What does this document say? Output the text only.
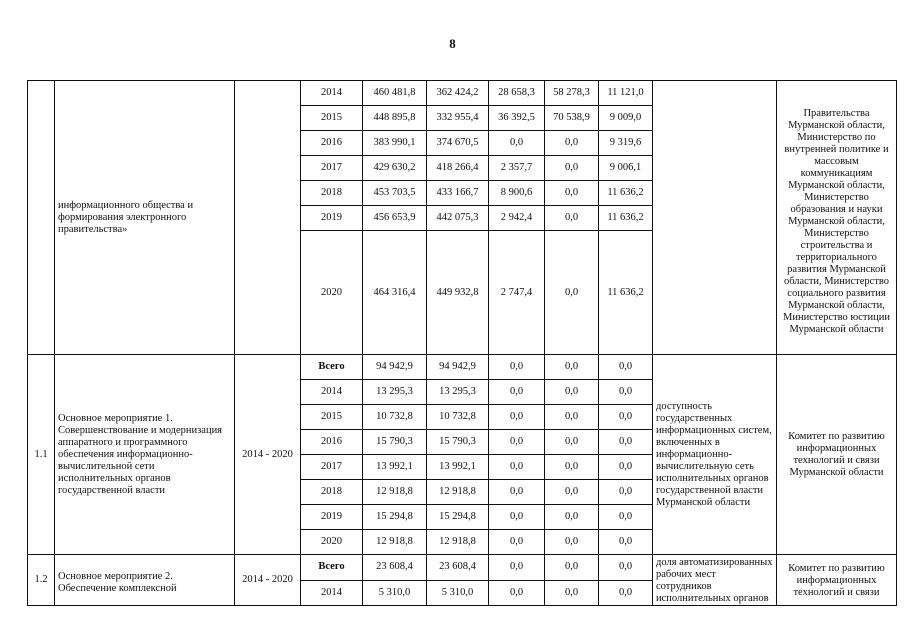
8
	информационного общества и формирования электронного правительства»		2014	460 481,8	362 424,2	28 658,3	58 278,3	11 121,0		Правительства Мурманской области, Министерство по внутренней политике и массовым коммуникациям Мурманской области, Министерство образования и науки Мурманской области, Министерство строительства и территориального развития Мурманской области, Министерство социального развития Мурманской области, Министерство юстиции Мурманской области
			2015	448 895,8	332 955,4	36 392,5	70 538,9	9 009,0		
			2016	383 990,1	374 670,5	0,0	0,0	9 319,6		
			2017	429 630,2	418 266,4	2 357,7	0,0	9 006,1		
			2018	453 703,5	433 166,7	8 900,6	0,0	11 636,2		
			2019	456 653,9	442 075,3	2 942,4	0,0	11 636,2		
			2020	464 316,4	449 932,8	2 747,4	0,0	11 636,2		
1.1	Основное мероприятие 1. Совершенствование и модернизация аппаратного и программного обеспечения информационно-вычислительной сети исполнительных органов государственной власти	2014 - 2020	Всего	94 942,9	94 942,9	0,0	0,0	0,0	доступность государственных информационных систем, включенных в информационно-вычислительную сеть исполнительных органов государственной власти Мурманской области	Комитет по развитию информационных технологий и связи Мурманской области
			2014	13 295,3	13 295,3	0,0	0,0	0,0		
			2015	10 732,8	10 732,8	0,0	0,0	0,0		
			2016	15 790,3	15 790,3	0,0	0,0	0,0		
			2017	13 992,1	13 992,1	0,0	0,0	0,0		
			2018	12 918,8	12 918,8	0,0	0,0	0,0		
			2019	15 294,8	15 294,8	0,0	0,0	0,0		
			2020	12 918,8	12 918,8	0,0	0,0	0,0		
1.2	Основное мероприятие 2. Обеспечение комплексной	2014 - 2020	Всего	23 608,4	23 608,4	0,0	0,0	0,0	доля автоматизированных рабочих мест сотрудников исполнительных органов	Комитет по развитию информационных технологий и связи
			2014	5 310,0	5 310,0	0,0	0,0	0,0		
